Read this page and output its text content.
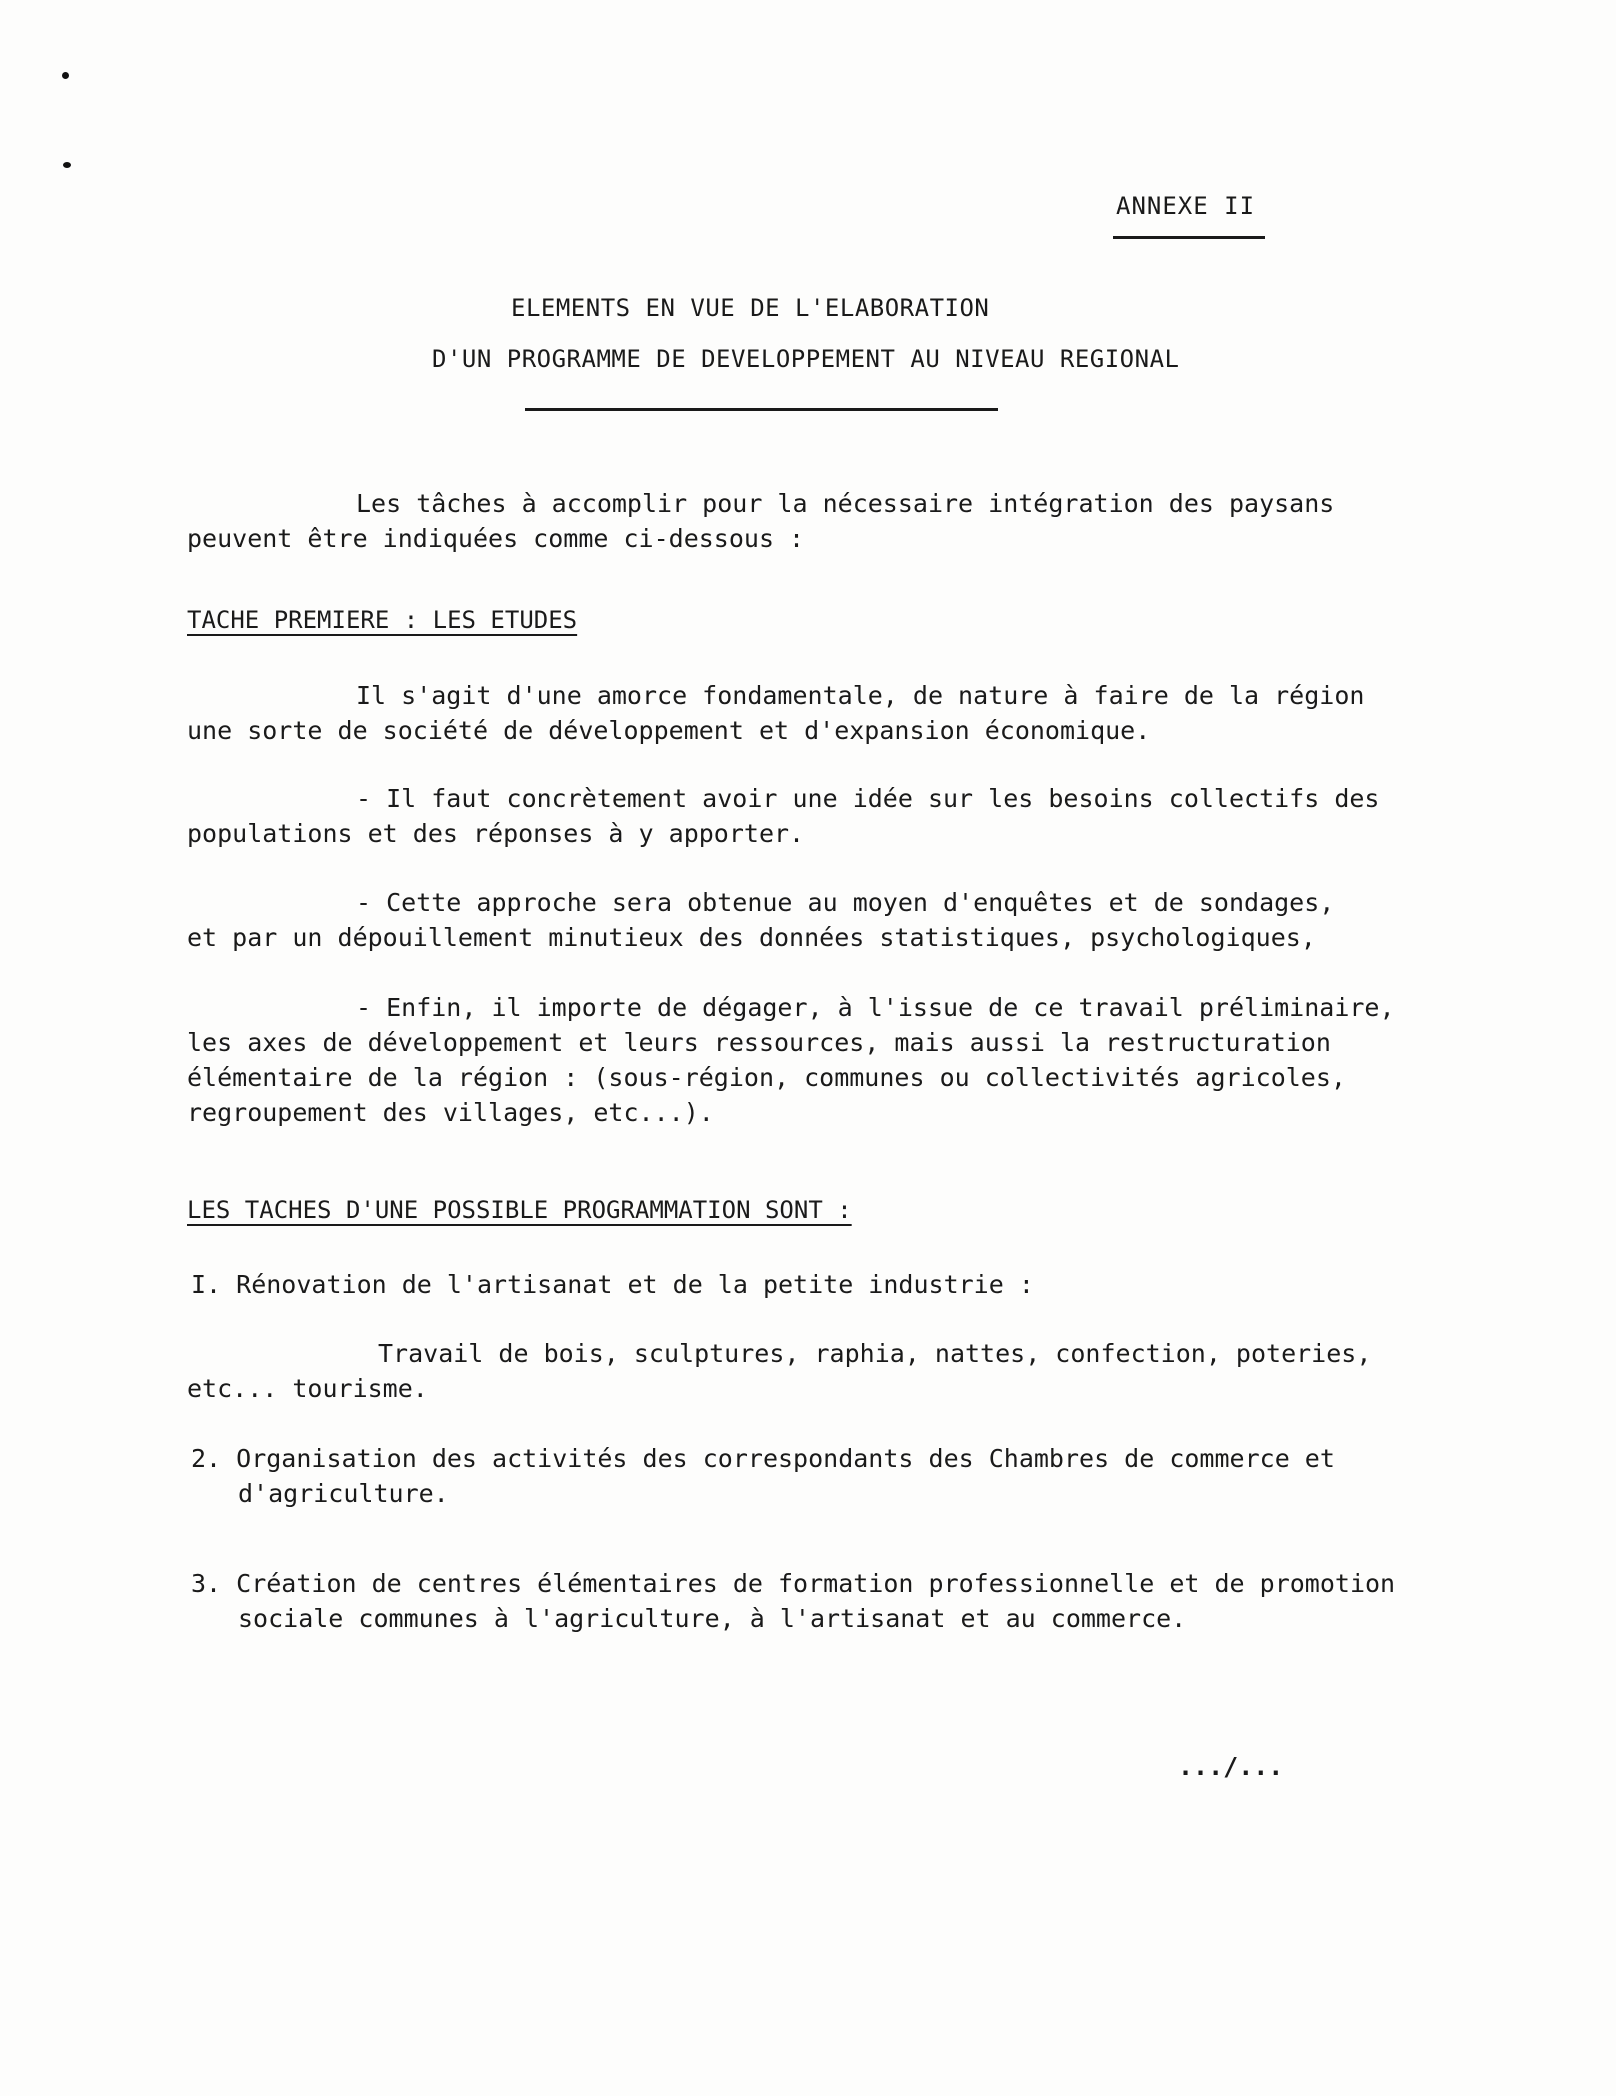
ANNEXE II
ELEMENTS EN VUE DE L'ELABORATION
D'UN PROGRAMME DE DEVELOPPEMENT AU NIVEAU REGIONAL
Les tâches à accomplir pour la nécessaire intégration des paysans
peuvent être indiquées comme ci-dessous :
TACHE PREMIERE : LES ETUDES
Il s'agit d'une amorce fondamentale, de nature à faire de la région
une sorte de société de développement et d'expansion économique.
- Il faut concrètement avoir une idée sur les besoins collectifs des
populations et des réponses à y apporter.
- Cette approche sera obtenue au moyen d'enquêtes et de sondages,
et par un dépouillement minutieux des données statistiques, psychologiques,
- Enfin, il importe de dégager, à l'issue de ce travail préliminaire,
les axes de développement et leurs ressources, mais aussi la restructuration
élémentaire de la région : (sous-région, communes ou collectivités agricoles,
regroupement des villages, etc...).
LES TACHES D'UNE POSSIBLE PROGRAMMATION SONT :
I. Rénovation de l'artisanat et de la petite industrie :
Travail de bois, sculptures, raphia, nattes, confection, poteries,
etc... tourisme.
2. Organisation des activités des correspondants des Chambres de commerce et
d'agriculture.
3. Création de centres élémentaires de formation professionnelle et de promotion
sociale communes à l'agriculture, à l'artisanat et au commerce.
.../...
